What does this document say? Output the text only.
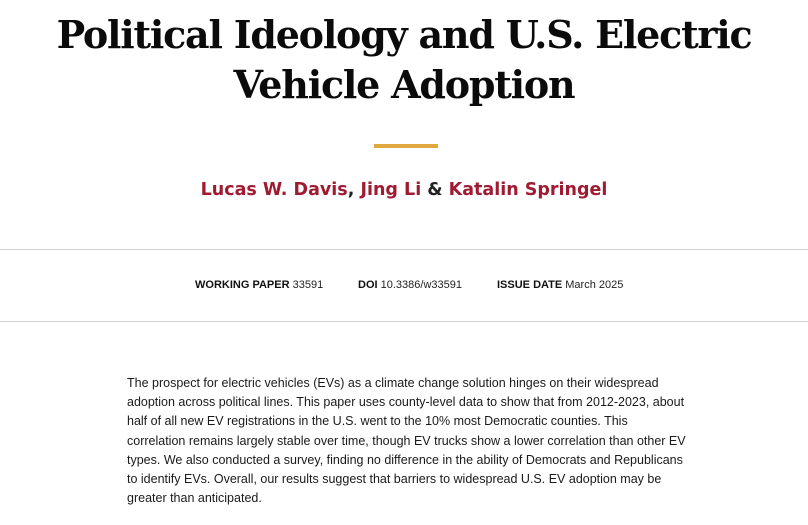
Political Ideology and U.S. Electric Vehicle Adoption
Lucas W. Davis, Jing Li & Katalin Springel
WORKING PAPER 33591	DOI 10.3386/w33591	ISSUE DATE March 2025

The prospect for electric vehicles (EVs) as a climate change solution hinges on their widespread adoption across political lines. This paper uses county-level data to show that from 2012-2023, about half of all new EV registrations in the U.S. went to the 10% most Democratic counties. This correlation remains largely stable over time, though EV trucks show a lower correlation than other EV types. We also conducted a survey, finding no difference in the ability of Democrats and Republicans to identify EVs. Overall, our results suggest that barriers to widespread U.S. EV adoption may be greater than anticipated.
